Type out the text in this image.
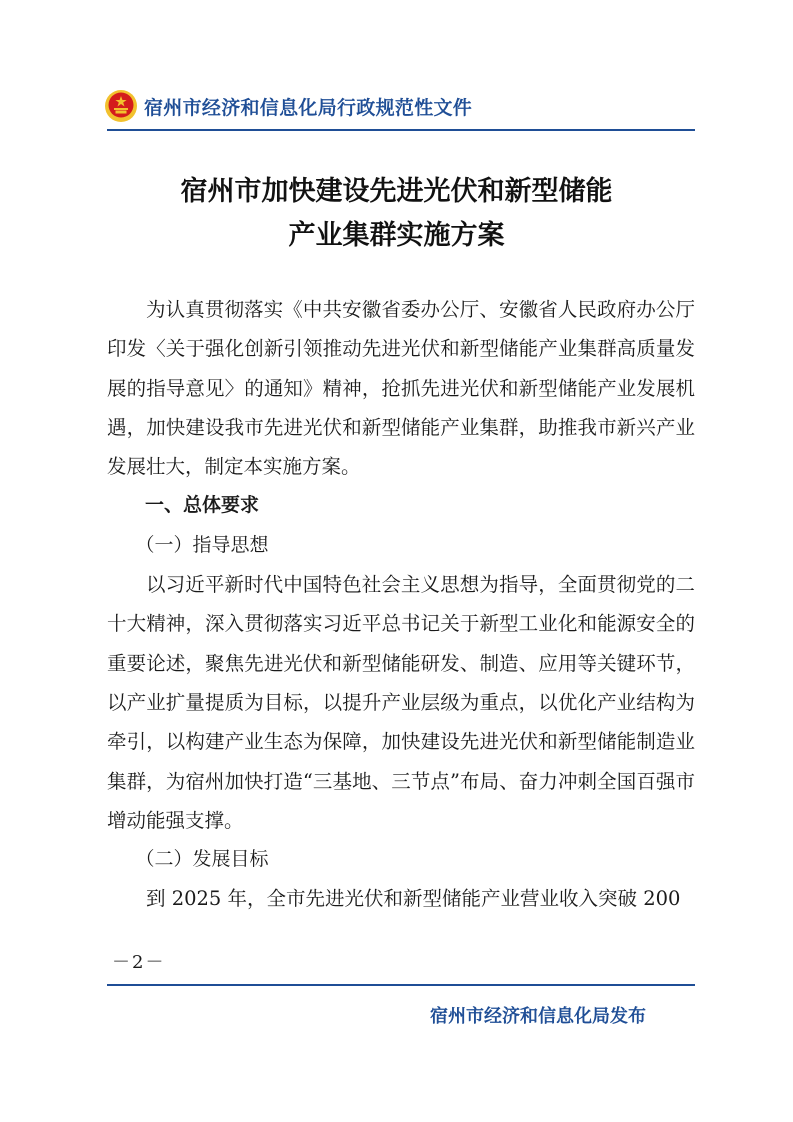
宿州市经济和信息化局行政规范性文件
宿州市加快建设先进光伏和新型储能
产业集群实施方案

为认真贯彻落实《中共安徽省委办公厅、安徽省人民政府办公厅印发〈关于强化创新引领推动先进光伏和新型储能产业集群高质量发展的指导意见〉的通知》精神，抢抓先进光伏和新型储能产业发展机遇，加快建设我市先进光伏和新型储能产业集群，助推我市新兴产业发展壮大，制定本实施方案。

一、总体要求

（一）指导思想

以习近平新时代中国特色社会主义思想为指导，全面贯彻党的二十大精神，深入贯彻落实习近平总书记关于新型工业化和能源安全的重要论述，聚焦先进光伏和新型储能研发、制造、应用等关键环节，以产业扩量提质为目标，以提升产业层级为重点，以优化产业结构为牵引，以构建产业生态为保障，加快建设先进光伏和新型储能制造业集群，为宿州加快打造“三基地、三节点”布局、奋力冲刺全国百强市增动能强支撑。

（二）发展目标

到 2025 年，全市先进光伏和新型储能产业营业收入突破 200

－2－
宿州市经济和信息化局发布
